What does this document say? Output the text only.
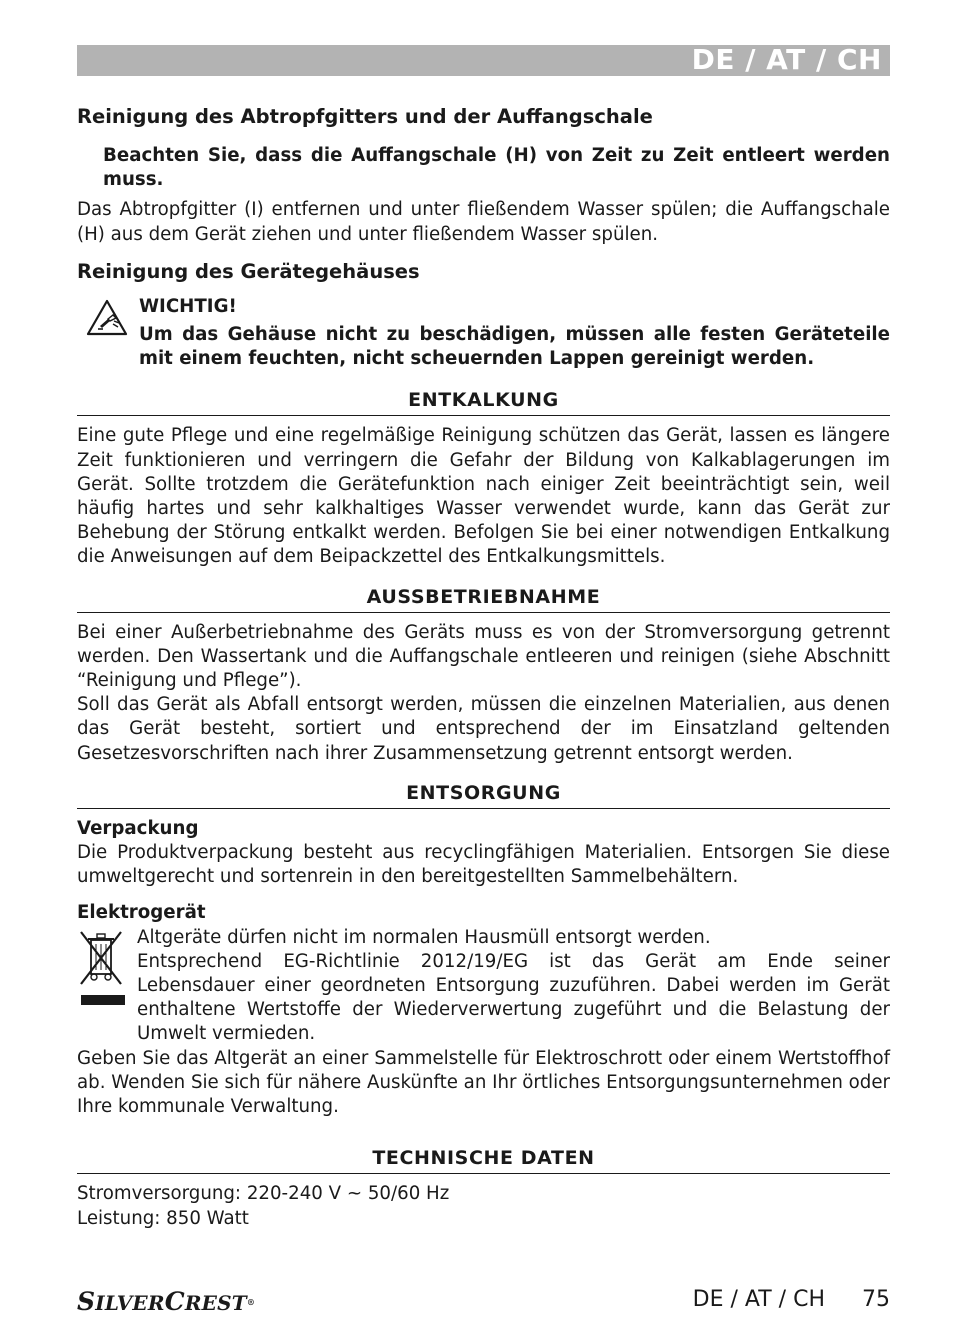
DE / AT / CH

Reinigung des Abtropfgitters und der Auffangschale

Beachten Sie, dass die Auffangschale (H) von Zeit zu Zeit entleert werden muss.

Das Abtropfgitter (I) entfernen und unter fließendem Wasser spülen; die Auffangschale (H) aus dem Gerät ziehen und unter fließendem Wasser spülen.

Reinigung des Gerätegehäuses

WICHTIG!

Um das Gehäuse nicht zu beschädigen, müssen alle festen Geräteteile mit einem feuchten, nicht scheuernden Lappen gereinigt werden.

ENTKALKUNG

Eine gute Pflege und eine regelmäßige Reinigung schützen das Gerät, lassen es längere Zeit funktionieren und verringern die Gefahr der Bildung von Kalkablagerungen im Gerät. Sollte trotzdem die Gerätefunktion nach einiger Zeit beeinträchtigt sein, weil häufig hartes und sehr kalkhaltiges Wasser verwendet wurde, kann das Gerät zur Behebung der Störung entkalkt werden. Befolgen Sie bei einer notwendigen Entkalkung die Anweisungen auf dem Beipackzettel des Entkalkungsmittels.

AUSSBETRIEBNAHME

Bei einer Außerbetriebnahme des Geräts muss es von der Stromversorgung getrennt werden. Den Wassertank und die Auffangschale entleeren und reinigen (siehe Abschnitt “Reinigung und Pflege”).

Soll das Gerät als Abfall entsorgt werden, müssen die einzelnen Materialien, aus denen das Gerät besteht, sortiert und entsprechend der im Einsatzland geltenden Gesetzesvorschriften nach ihrer Zusammensetzung getrennt entsorgt werden.

ENTSORGUNG

Verpackung

Die Produktverpackung besteht aus recyclingfähigen Materialien. Entsorgen Sie diese umweltgerecht und sortenrein in den bereitgestellten Sammelbehältern.

Elektrogerät

Altgeräte dürfen nicht im normalen Hausmüll entsorgt werden.

Entsprechend EG-Richtlinie 2012/19/EG ist das Gerät am Ende seiner Lebensdauer einer geordneten Entsorgung zuzuführen. Dabei werden im Gerät enthaltene Wertstoffe der Wiederverwertung zugeführt und die Belastung der Umwelt vermieden.

Geben Sie das Altgerät an einer Sammelstelle für Elektroschrott oder einem Wertstoffhof ab. Wenden Sie sich für nähere Auskünfte an Ihr örtliches Entsorgungsunternehmen oder Ihre kommunale Verwaltung.

TECHNISCHE DATEN

Stromversorgung: 220-240 V ~ 50/60 Hz

Leistung: 850 Watt

SILVERCREST®	DE / AT / CH 75
